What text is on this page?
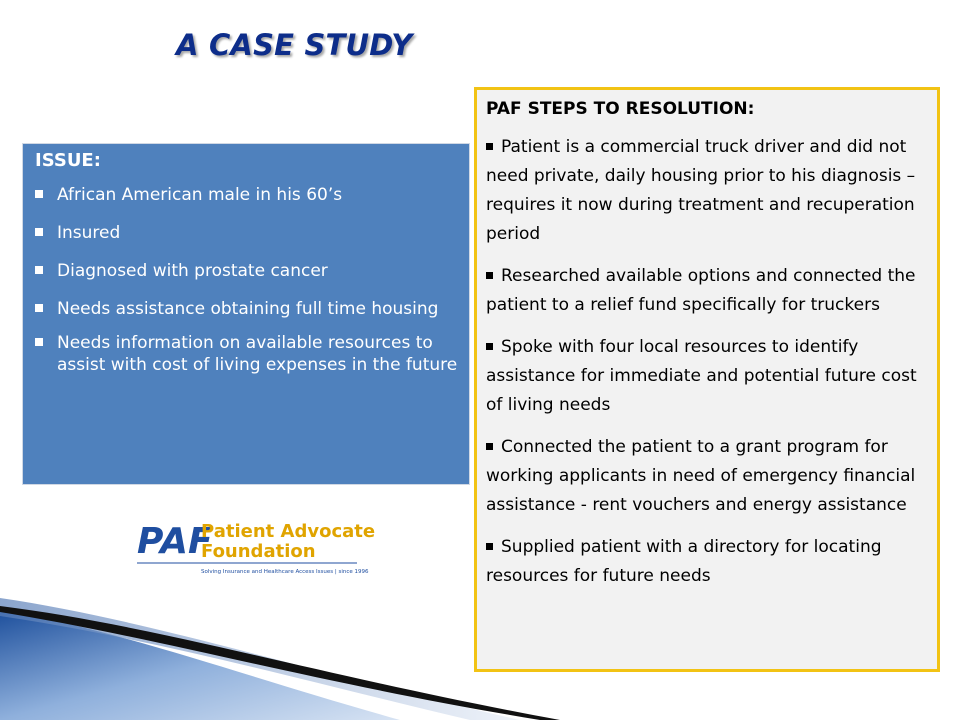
A CASE STUDY
ISSUE:
African American male in his 60’s
Insured
Diagnosed with prostate cancer
Needs assistance obtaining full time housing
Needs information on available resources to assist with cost of living expenses in the future
PAF
Patient Advocate
Foundation
Solving Insurance and Healthcare Access Issues | since 1996
PAF STEPS TO RESOLUTION:
Patient is a commercial truck driver and did not need private, daily housing prior to his diagnosis – requires it now during treatment and recuperation period
Researched available options and connected the patient to a relief fund specifically for truckers
Spoke with four local resources to identify assistance for immediate and potential future cost of living needs
Connected the patient to a grant program for working applicants in need of emergency financial assistance - rent vouchers and energy assistance
Supplied patient with a directory for locating resources for future needs
